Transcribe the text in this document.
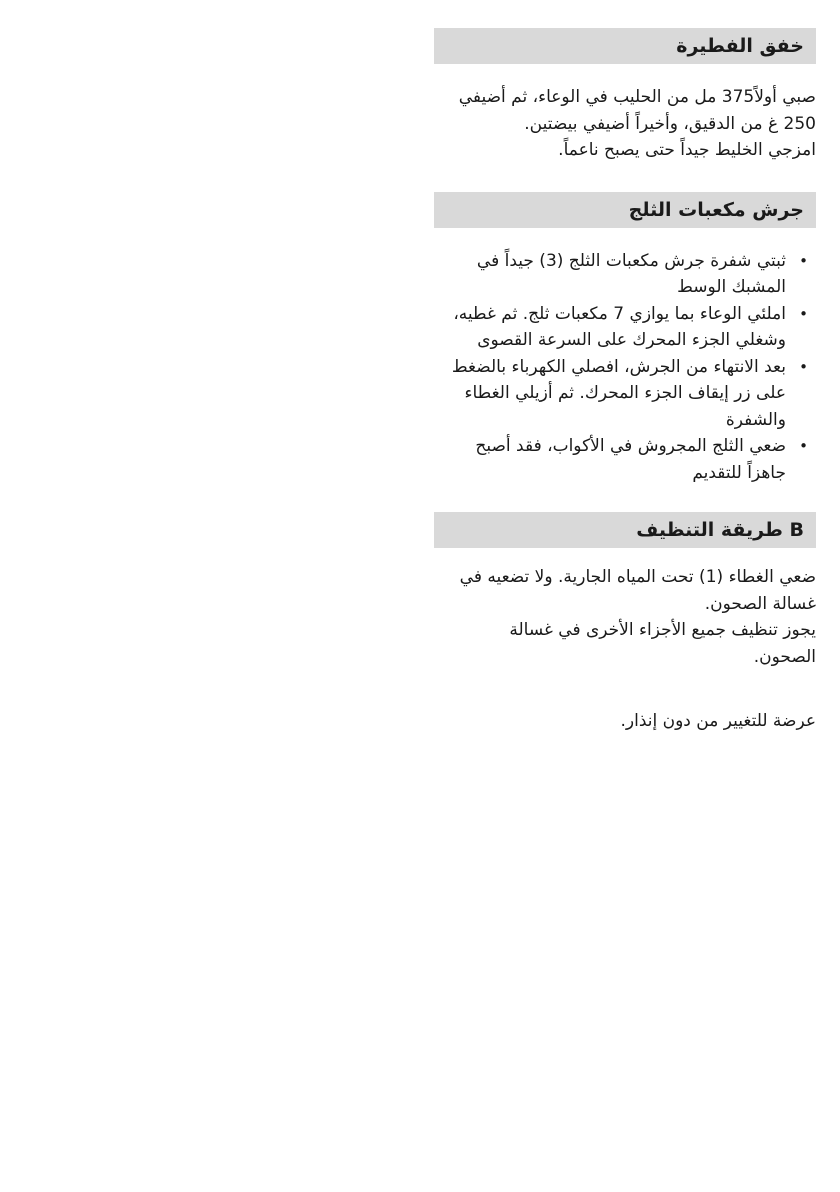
خفق الفطيرة

صبي أولاً375 مل من الحليب في الوعاء، ثم أضيفي

250 غ من الدقيق، وأخيراً أضيفي بيضتين.

امزجي الخليط جيداً حتى يصبح ناعماً.

جرش مكعبات الثلج
•
ثبتي شفرة جرش مكعبات الثلج (3) جيداً في
المشبك الوسط
•
املئي الوعاء بما يوازي 7 مكعبات ثلج. ثم غطيه،
وشغلي الجزء المحرك على السرعة القصوى
•
بعد الانتهاء من الجرش، افصلي الكهرباء بالضغط
على زر إيقاف الجزء المحرك. ثم أزيلي الغطاء
والشفرة
•
ضعي الثلج المجروش في الأكواب، فقد أصبح
جاهزاً للتقديم
B طريقة التنظيف

ضعي الغطاء (1) تحت المياه الجارية. ولا تضعيه في

غسالة الصحون.

يجوز تنظيف جميع الأجزاء الأخرى في غسالة

الصحون.

عرضة للتغيير من دون إنذار.
